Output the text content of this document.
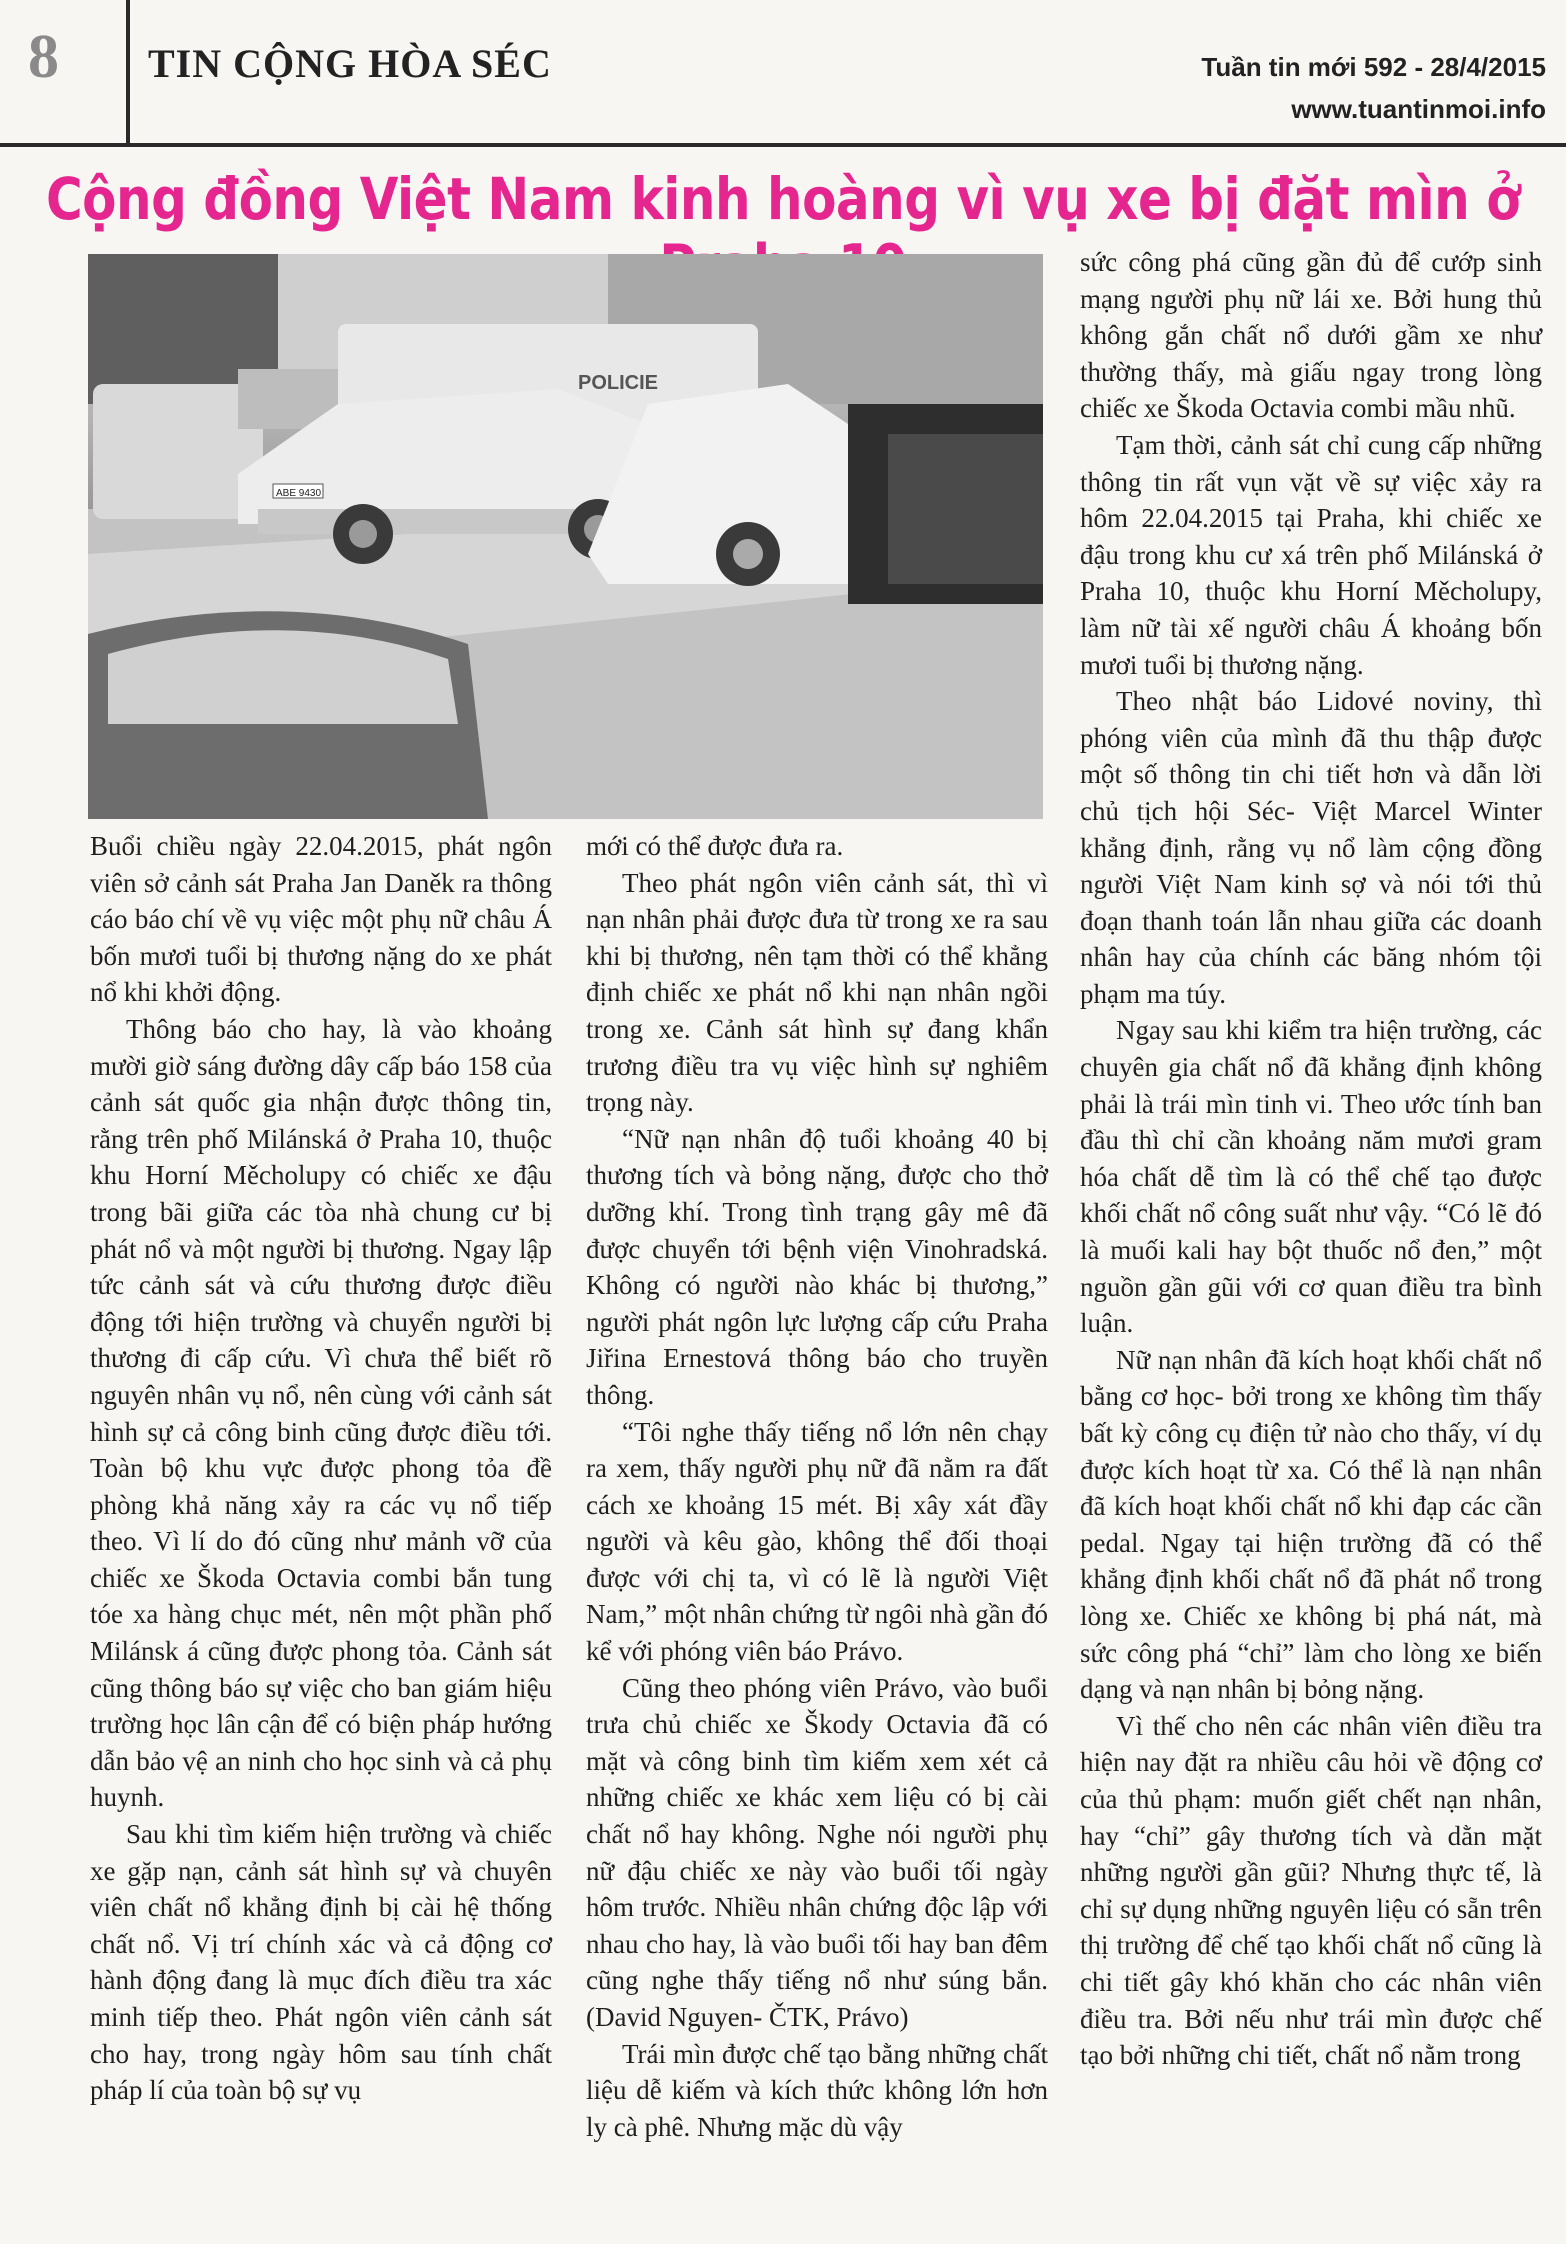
8 TIN CỘNG HÒA SÉC	Tuần tin mới 592 - 28/4/2015
www.tuantinmoi.info
Cộng đồng Việt Nam kinh hoàng vì vụ xe bị đặt mìn ở
POLICIE
ABE 9430

Buổi chiều ngày 22.04.2015, phát ngôn viên sở cảnh sát Praha Jan Daněk ra thông cáo báo chí về vụ việc một phụ nữ châu Á bốn mươi tuổi bị thương nặng do xe phát nổ khi khởi động.

Thông báo cho hay, là vào khoảng mười giờ sáng đường dây cấp báo 158 của cảnh sát quốc gia nhận được thông tin, rằng trên phố Milánská ở Praha 10, thuộc khu Horní Měcholupy có chiếc xe đậu trong bãi giữa các tòa nhà chung cư bị phát nổ và một người bị thương. Ngay lập tức cảnh sát và cứu thương được điều động tới hiện trường và chuyển người bị thương đi cấp cứu. Vì chưa thể biết rõ nguyên nhân vụ nổ, nên cùng với cảnh sát hình sự cả công binh cũng được điều tới. Toàn bộ khu vực được phong tỏa đề phòng khả năng xảy ra các vụ nổ tiếp theo. Vì lí do đó cũng như mảnh vỡ của chiếc xe Škoda Octavia combi bắn tung tóe xa hàng chục mét, nên một phần phố Milánsk á cũng được phong tỏa. Cảnh sát cũng thông báo sự việc cho ban giám hiệu trường học lân cận để có biện pháp hướng dẫn bảo vệ an ninh cho học sinh và cả phụ huynh.

Sau khi tìm kiếm hiện trường và chiếc xe gặp nạn, cảnh sát hình sự và chuyên viên chất nổ khẳng định bị cài hệ thống chất nổ. Vị trí chính xác và cả động cơ hành động đang là mục đích điều tra xác minh tiếp theo. Phát ngôn viên cảnh sát cho hay, trong ngày hôm sau tính chất pháp lí của toàn bộ sự vụ

mới có thể được đưa ra.

Theo phát ngôn viên cảnh sát, thì vì nạn nhân phải được đưa từ trong xe ra sau khi bị thương, nên tạm thời có thể khẳng định chiếc xe phát nổ khi nạn nhân ngồi trong xe. Cảnh sát hình sự đang khẩn trương điều tra vụ việc hình sự nghiêm trọng này.

“Nữ nạn nhân độ tuổi khoảng 40 bị thương tích và bỏng nặng, được cho thở dưỡng khí. Trong tình trạng gây mê đã được chuyển tới bệnh viện Vinohradská. Không có người nào khác bị thương,” người phát ngôn lực lượng cấp cứu Praha Jiřina Ernestová thông báo cho truyền thông.

“Tôi nghe thấy tiếng nổ lớn nên chạy ra xem, thấy người phụ nữ đã nằm ra đất cách xe khoảng 15 mét. Bị xây xát đầy người và kêu gào, không thể đối thoại được với chị ta, vì có lẽ là người Việt Nam,” một nhân chứng từ ngôi nhà gần đó kể với phóng viên báo Právo.

Cũng theo phóng viên Právo, vào buổi trưa chủ chiếc xe Škody Octavia đã có mặt và công binh tìm kiếm xem xét cả những chiếc xe khác xem liệu có bị cài chất nổ hay không. Nghe nói người phụ nữ đậu chiếc xe này vào buổi tối ngày hôm trước. Nhiều nhân chứng độc lập với nhau cho hay, là vào buổi tối hay ban đêm cũng nghe thấy tiếng nổ như súng bắn. (David Nguyen- ČTK, Právo)

Trái mìn được chế tạo bằng những chất liệu dễ kiếm và kích thức không lớn hơn ly cà phê. Nhưng mặc dù vậy

sức công phá cũng gần đủ để cướp sinh mạng người phụ nữ lái xe. Bởi hung thủ không gắn chất nổ dưới gầm xe như thường thấy, mà giấu ngay trong lòng chiếc xe Škoda Octavia combi mầu nhũ.

Tạm thời, cảnh sát chỉ cung cấp những thông tin rất vụn vặt về sự việc xảy ra hôm 22.04.2015 tại Praha, khi chiếc xe đậu trong khu cư xá trên phố Milánská ở Praha 10, thuộc khu Horní Měcholupy, làm nữ tài xế người châu Á khoảng bốn mươi tuổi bị thương nặng.

Theo nhật báo Lidové noviny, thì phóng viên của mình đã thu thập được một số thông tin chi tiết hơn và dẫn lời chủ tịch hội Séc- Việt Marcel Winter khẳng định, rằng vụ nổ làm cộng đồng người Việt Nam kinh sợ và nói tới thủ đoạn thanh toán lẫn nhau giữa các doanh nhân hay của chính các băng nhóm tội phạm ma túy.

Ngay sau khi kiểm tra hiện trường, các chuyên gia chất nổ đã khẳng định không phải là trái mìn tinh vi. Theo ước tính ban đầu thì chỉ cần khoảng năm mươi gram hóa chất dễ tìm là có thể chế tạo được khối chất nổ công suất như vậy. “Có lẽ đó là muối kali hay bột thuốc nổ đen,” một nguồn gần gũi với cơ quan điều tra bình luận.

Nữ nạn nhân đã kích hoạt khối chất nổ bằng cơ học- bởi trong xe không tìm thấy bất kỳ công cụ điện tử nào cho thấy, ví dụ được kích hoạt từ xa. Có thể là nạn nhân đã kích hoạt khối chất nổ khi đạp các cần pedal. Ngay tại hiện trường đã có thể khẳng định khối chất nổ đã phát nổ trong lòng xe. Chiếc xe không bị phá nát, mà sức công phá “chỉ” làm cho lòng xe biến dạng và nạn nhân bị bỏng nặng.

Vì thế cho nên các nhân viên điều tra hiện nay đặt ra nhiều câu hỏi về động cơ của thủ phạm: muốn giết chết nạn nhân, hay “chỉ” gây thương tích và dằn mặt những người gần gũi? Nhưng thực tế, là chỉ sự dụng những nguyên liệu có sẵn trên thị trường để chế tạo khối chất nổ cũng là chi tiết gây khó khăn cho các nhân viên điều tra. Bởi nếu như trái mìn được chế tạo bởi những chi tiết, chất nổ nằm trong
